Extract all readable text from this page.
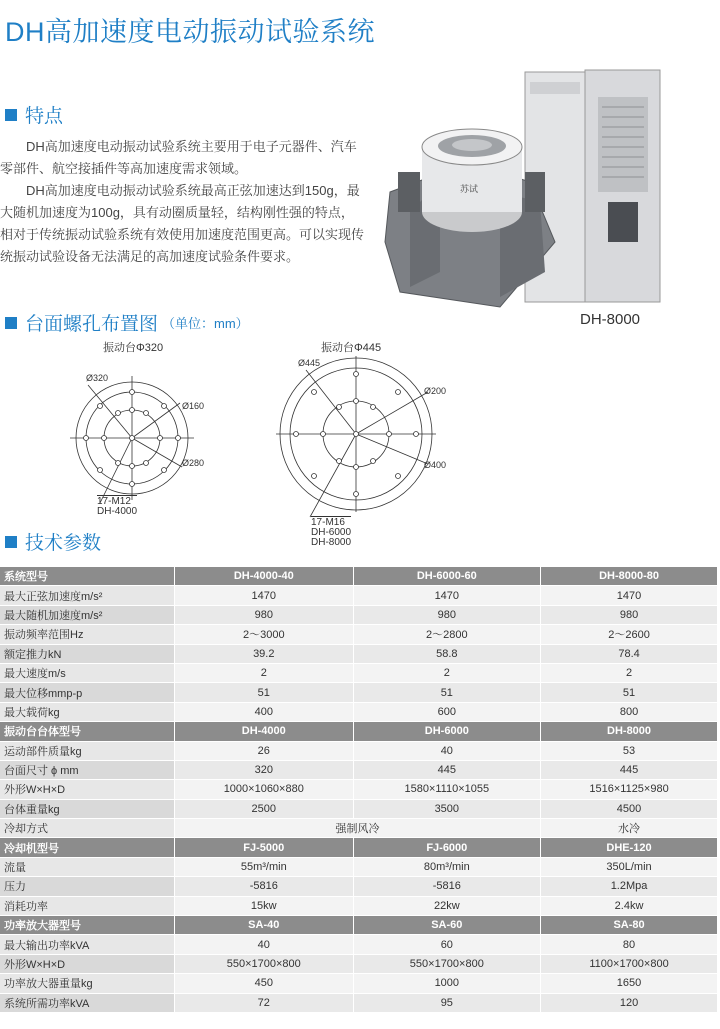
DH高加速度电动振动试验系统
特点

DH高加速度电动振动试验系统主要用于电子元器件、汽车零部件、航空接插件等高加速度需求领域。

DH高加速度电动振动试验系统最高正弦加速达到150g，最大随机加速度为100g，具有动圈质量轻，结构刚性强的特点，相对于传统振动试验系统有效使用加速度范围更高。可以实现传统振动试验设备无法满足的高加速度试验条件要求。

苏试
DH-8000
台面螺孔布置图 （单位：mm）
振动台Φ320
Ø320
Ø160
Ø280
17-M12
DH-4000
振动台Φ445
Ø445
Ø200
Ø400
17-M16
DH-6000
DH-8000
技术参数
系统型号	DH-4000-40	DH-6000-60	DH-8000-80
最大正弦加速度m/s²	1470	1470	1470
最大随机加速度m/s²	980	980	980
振动频率范围Hz	2～3000	2～2800	2～2600
额定推力kN	39.2	58.8	78.4
最大速度m/s	2	2	2
最大位移mmp-p	51	51	51
最大载荷kg	400	600	800
振动台台体型号	DH-4000	DH-6000	DH-8000
运动部件质量kg	26	40	53
台面尺寸 ϕ mm	320	445	445
外形W×H×D	1000×1060×880	1580×1110×1055	1516×1125×980
台体重量kg	2500	3500	4500
冷却方式	强制风冷		水冷
冷却机型号	FJ-5000	FJ-6000	DHE-120
流量	55m³/min	80m³/min	350L/min
压力	-5816	-5816	1.2Mpa
消耗功率	15kw	22kw	2.4kw
功率放大器型号	SA-40	SA-60	SA-80
最大输出功率kVA	40	60	80
外形W×H×D	550×1700×800	550×1700×800	1100×1700×800
功率放大器重量kg	450	1000	1650
系统所需功率kVA	72	95	120
